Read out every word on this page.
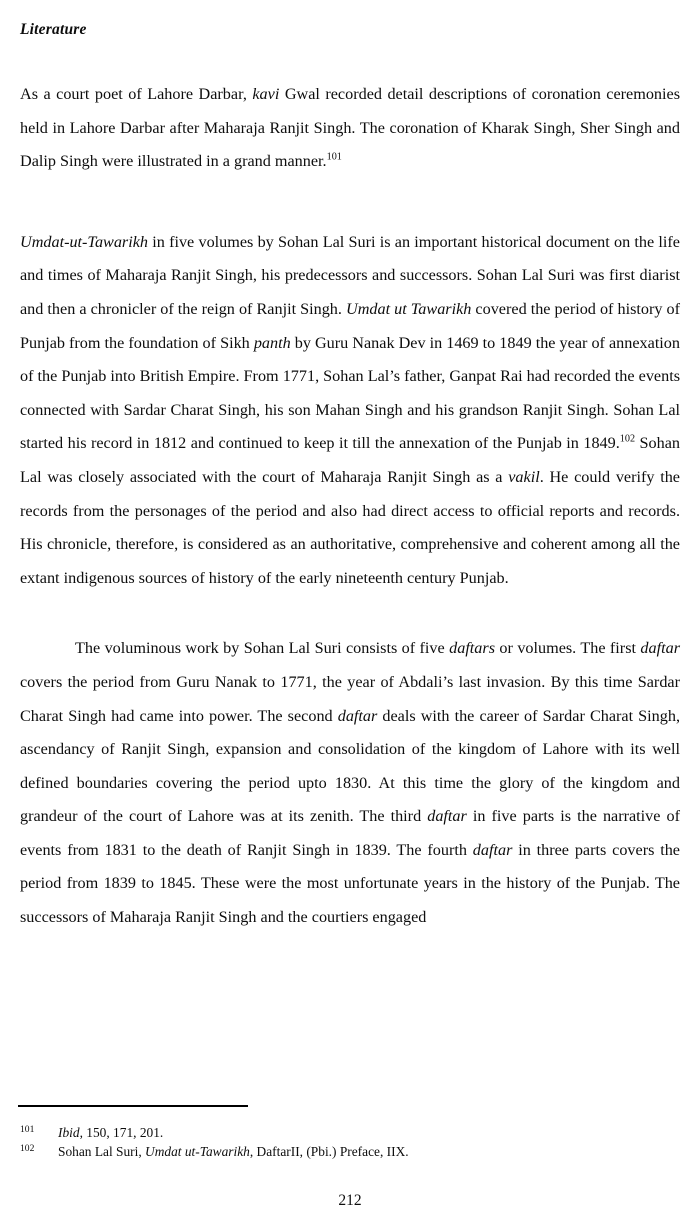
Literature

As a court poet of Lahore Darbar, kavi Gwal recorded detail descriptions of coronation ceremonies held in Lahore Darbar after Maharaja Ranjit Singh. The coronation of Kharak Singh, Sher Singh and Dalip Singh were illustrated in a grand manner.$^{101}$

Umdat-ut-Tawarikh in five volumes by Sohan Lal Suri is an important historical document on the life and times of Maharaja Ranjit Singh, his predecessors and successors. Sohan Lal Suri was first diarist and then a chronicler of the reign of Ranjit Singh. Umdat ut Tawarikh covered the period of history of Punjab from the foundation of Sikh panth by Guru Nanak Dev in 1469 to 1849 the year of annexation of the Punjab into British Empire. From 1771, Sohan Lal’s father, Ganpat Rai had recorded the events connected with Sardar Charat Singh, his son Mahan Singh and his grandson Ranjit Singh. Sohan Lal started his record in 1812 and continued to keep it till the annexation of the Punjab in 1849.$^{102}$ Sohan Lal was closely associated with the court of Maharaja Ranjit Singh as a vakil. He could verify the records from the personages of the period and also had direct access to official reports and records. His chronicle, therefore, is considered as an authoritative, comprehensive and coherent among all the extant indigenous sources of history of the early nineteenth century Punjab.

The voluminous work by Sohan Lal Suri consists of five daftars or volumes. The first daftar covers the period from Guru Nanak to 1771, the year of Abdali’s last invasion. By this time Sardar Charat Singh had came into power. The second daftar deals with the career of Sardar Charat Singh, ascendancy of Ranjit Singh, expansion and consolidation of the kingdom of Lahore with its well defined boundaries covering the period upto 1830. At this time the glory of the kingdom and grandeur of the court of Lahore was at its zenith. The third daftar in five parts is the narrative of events from 1831 to the death of Ranjit Singh in 1839. The fourth daftar in three parts covers the period from 1839 to 1845. These were the most unfortunate years in the history of the Punjab. The successors of Maharaja Ranjit Singh and the courtiers engaged

101 Ibid, 150, 171, 201.
102 Sohan Lal Suri, Umdat ut-Tawarikh, DaftarII, (Pbi.) Preface, IIX.
212
